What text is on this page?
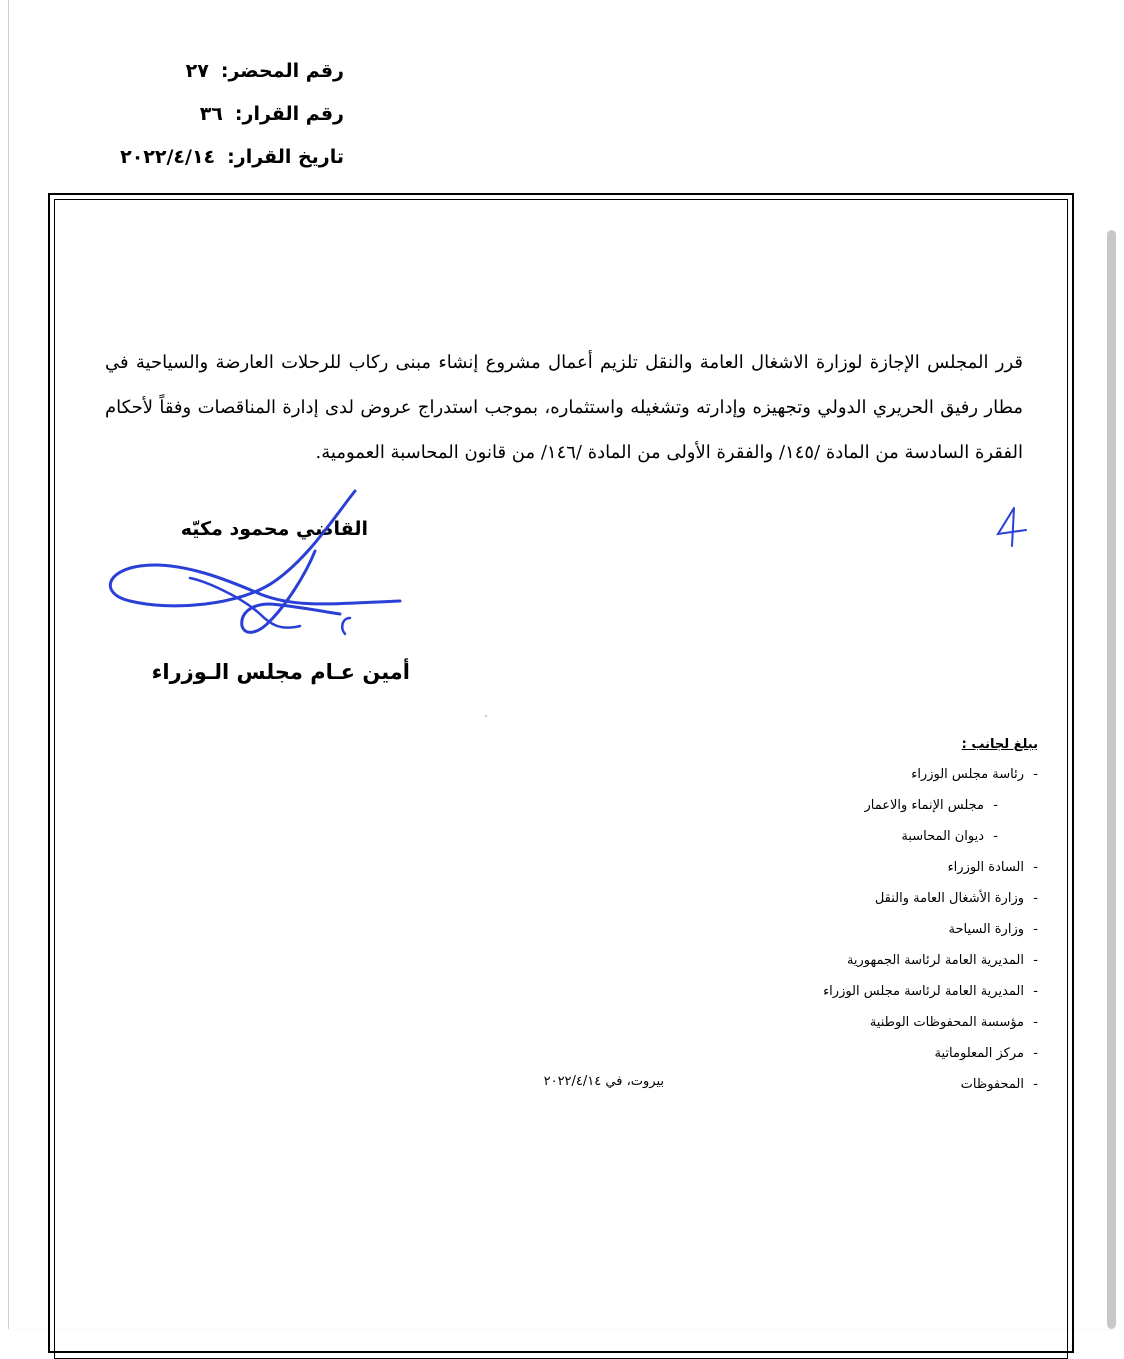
رقم المحضر:٢٧
رقم القرار:٣٦
تاريخ القرار:٢٠٢٢/٤/١٤

قرر المجلس الإجازة لوزارة الاشغال العامة والنقل تلزيم أعمال مشروع إنشاء مبنى ركاب للرحلات العارضة والسياحية في مطار رفيق الحريري الدولي وتجهيزه وإدارته وتشغيله واستثماره، بموجب استدراج عروض لدى إدارة المناقصات وفقاً لأحكام الفقرة السادسة من المادة /١٤٥/ والفقرة الأولى من المادة /١٤٦/ من قانون المحاسبة العمومية.

القاضي محمود مكيّه
أمين عـام مجلس الـوزراء
يبلغ لجانب :
-رئاسة مجلس الوزراء
-مجلس الإنماء والاعمار
-ديوان المحاسبة
-السادة الوزراء
-وزارة الأشغال العامة والنقل
-وزارة السياحة
-المديرية العامة لرئاسة الجمهورية
-المديرية العامة لرئاسة مجلس الوزراء
-مؤسسة المحفوظات الوطنية
-مركز المعلوماتية
-المحفوظات
بيروت، في ٢٠٢٢/٤/١٤
